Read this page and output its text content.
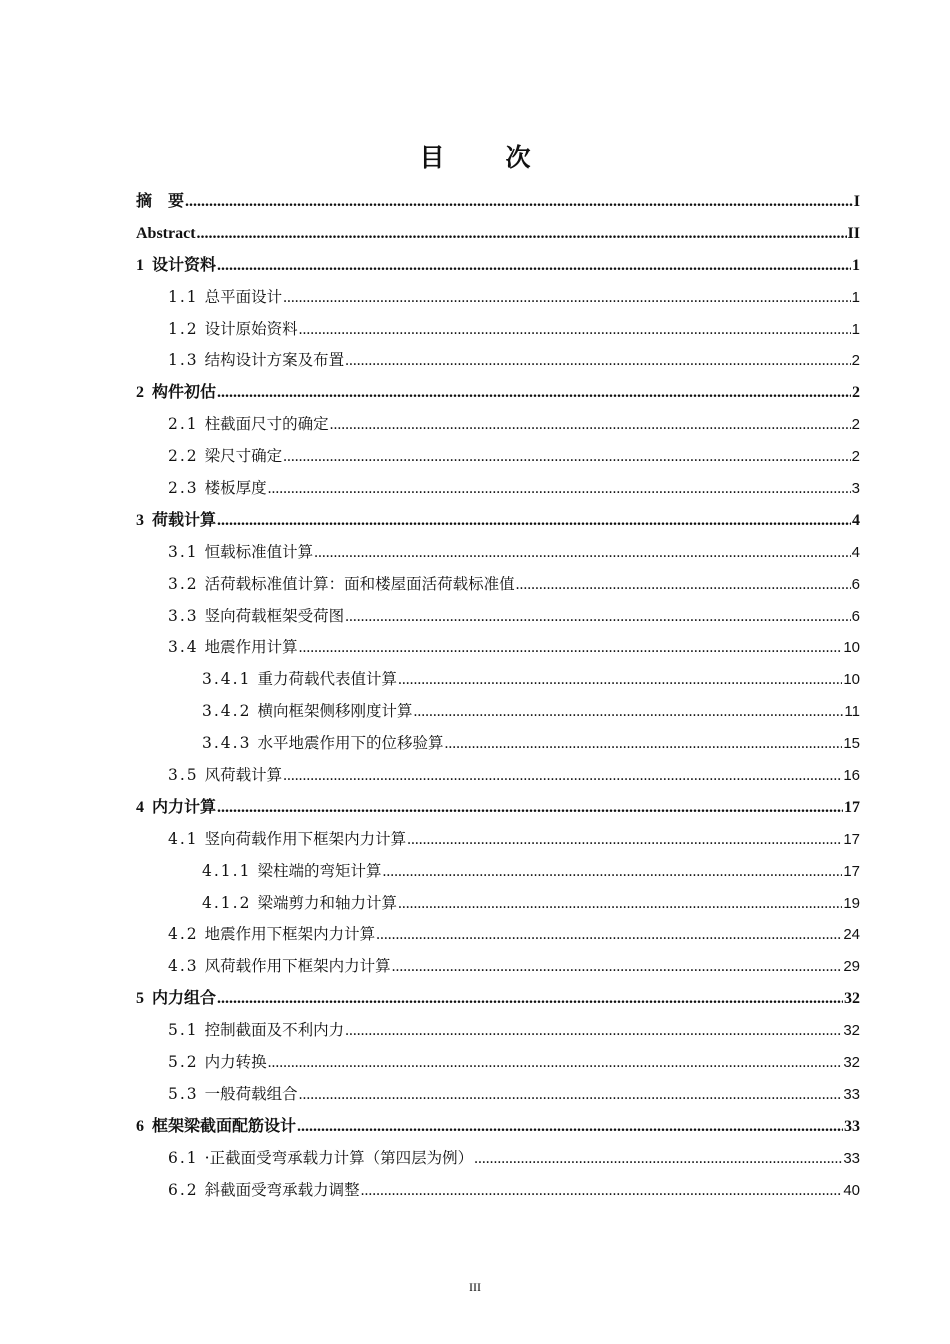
目　次
摘　要 .....	I
Abstract .....	II
1 设计资料 .....	1
1.1 总平面设计 .....	1
1.2 设计原始资料 .....	1
1.3 结构设计方案及布置 .....	2
2 构件初估 .....	2
2.1 柱截面尺寸的确定 .....	2
2.2 梁尺寸确定 .....	2
2.3 楼板厚度 .....	3
3 荷载计算 .....	4
3.1 恒载标准值计算 .....	4
3.2 活荷载标准值计算：面和楼屋面活荷载标准值 .....	6
3.3 竖向荷载框架受荷图 .....	6
3.4 地震作用计算 .....	10
3.4.1 重力荷载代表值计算 .....	10
3.4.2 横向框架侧移刚度计算 .....	11
3.4.3 水平地震作用下的位移验算 .....	15
3.5 风荷载计算 .....	16
4 内力计算 .....	17
4.1 竖向荷载作用下框架内力计算 .....	17
4.1.1 梁柱端的弯矩计算 .....	17
4.1.2 梁端剪力和轴力计算 .....	19
4.2 地震作用下框架内力计算 .....	24
4.3 风荷载作用下框架内力计算 .....	29
5 内力组合 .....	32
5.1 控制截面及不利内力 .....	32
5.2 内力转换 .....	32
5.3 一般荷载组合 .....	33
6 框架梁截面配筋设计 .....	33
6.1 ·正截面受弯承载力计算（第四层为例） .....	33
6.2 斜截面受弯承载力调整 .....	40
III
